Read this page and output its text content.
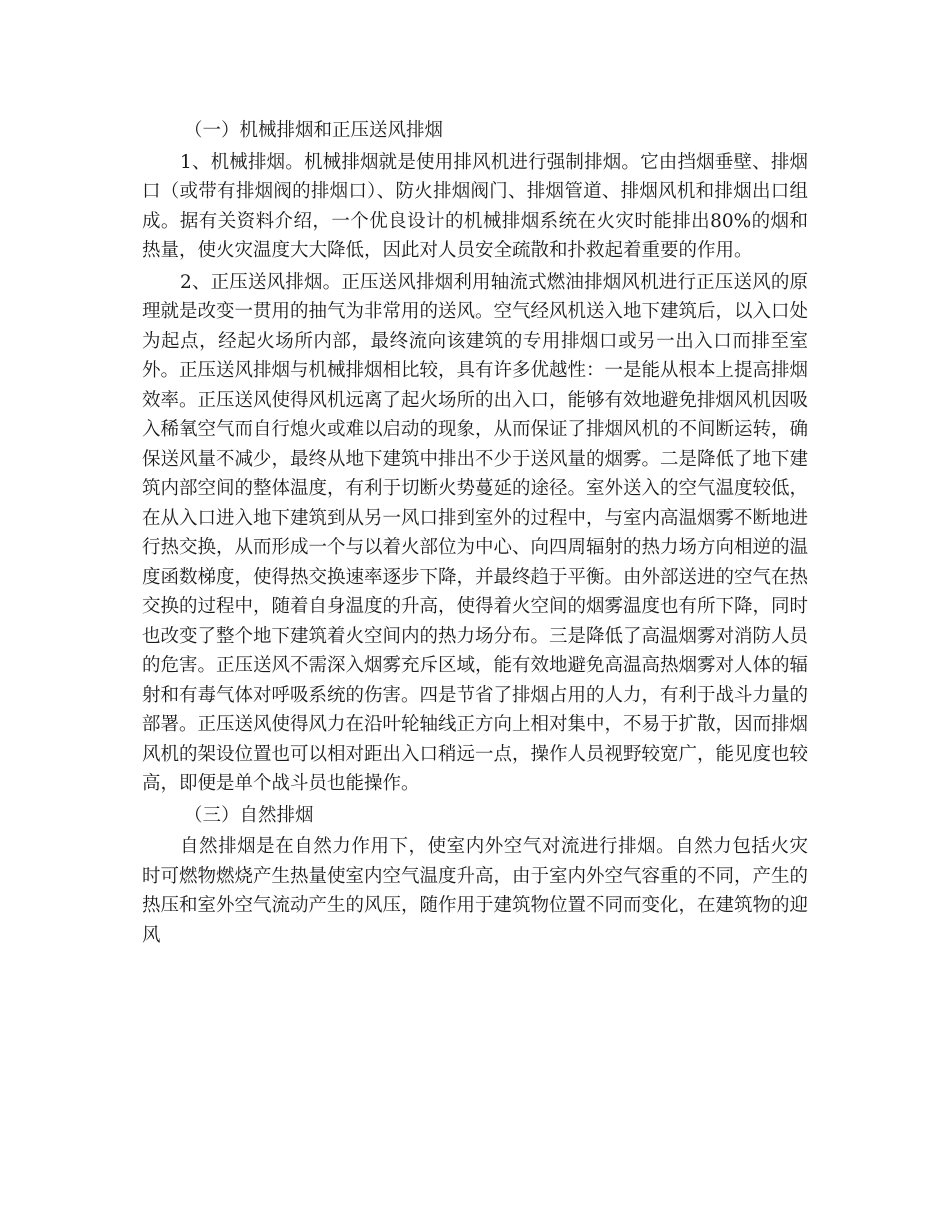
（一）机械排烟和正压送风排烟

1、机械排烟。机械排烟就是使用排风机进行强制排烟。它由挡烟垂壁、排烟口（或带有排烟阀的排烟口）、防火排烟阀门、排烟管道、排烟风机和排烟出口组成。据有关资料介绍，一个优良设计的机械排烟系统在火灾时能排出80%的烟和热量，使火灾温度大大降低，因此对人员安全疏散和扑救起着重要的作用。

2、正压送风排烟。正压送风排烟利用轴流式燃油排烟风机进行正压送风的原理就是改变一贯用的抽气为非常用的送风。空气经风机送入地下建筑后，以入口处为起点，经起火场所内部，最终流向该建筑的专用排烟口或另一出入口而排至室外。正压送风排烟与机械排烟相比较，具有许多优越性：一是能从根本上提高排烟效率。正压送风使得风机远离了起火场所的出入口，能够有效地避免排烟风机因吸入稀氧空气而自行熄火或难以启动的现象，从而保证了排烟风机的不间断运转，确保送风量不减少，最终从地下建筑中排出不少于送风量的烟雾。二是降低了地下建筑内部空间的整体温度，有利于切断火势蔓延的途径。室外送入的空气温度较低，在从入口进入地下建筑到从另一风口排到室外的过程中，与室内高温烟雾不断地进行热交换，从而形成一个与以着火部位为中心、向四周辐射的热力场方向相逆的温度函数梯度，使得热交换速率逐步下降，并最终趋于平衡。由外部送进的空气在热交换的过程中，随着自身温度的升高，使得着火空间的烟雾温度也有所下降，同时也改变了整个地下建筑着火空间内的热力场分布。三是降低了高温烟雾对消防人员的危害。正压送风不需深入烟雾充斥区域，能有效地避免高温高热烟雾对人体的辐射和有毒气体对呼吸系统的伤害。四是节省了排烟占用的人力，有利于战斗力量的部署。正压送风使得风力在沿叶轮轴线正方向上相对集中，不易于扩散，因而排烟风机的架设位置也可以相对距出入口稍远一点，操作人员视野较宽广，能见度也较高，即便是单个战斗员也能操作。

（三）自然排烟

自然排烟是在自然力作用下，使室内外空气对流进行排烟。自然力包括火灾时可燃物燃烧产生热量使室内空气温度升高，由于室内外空气容重的不同，产生的热压和室外空气流动产生的风压，随作用于建筑物位置不同而变化，在建筑物的迎风
